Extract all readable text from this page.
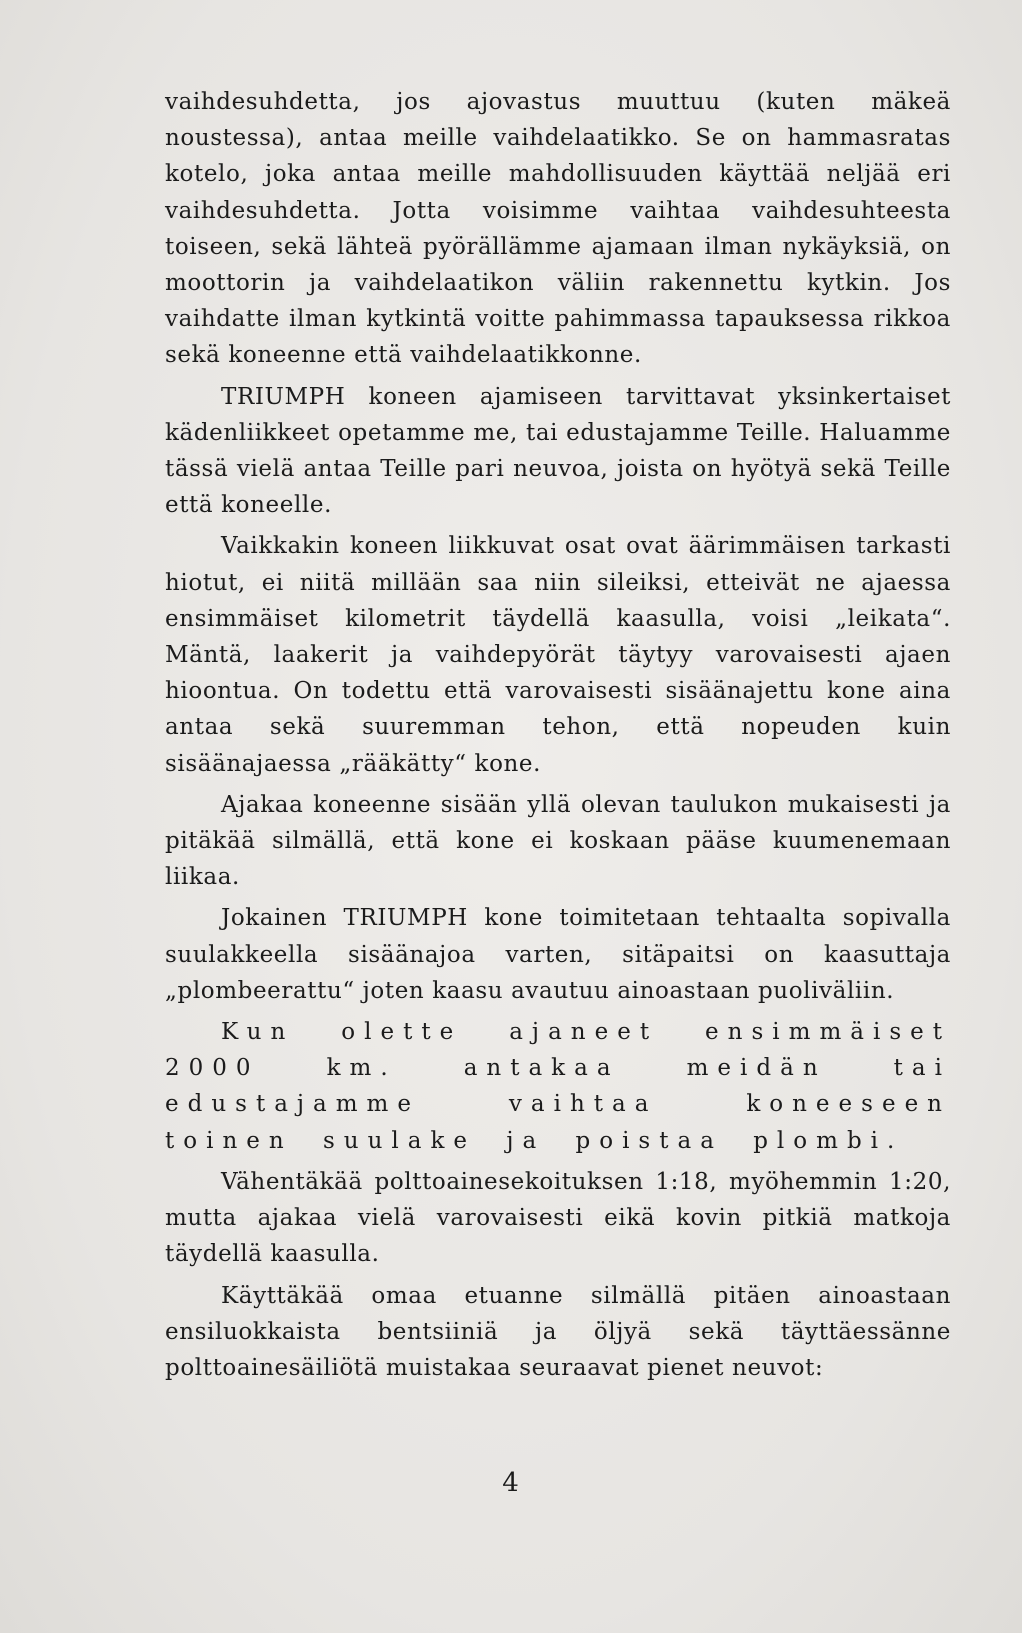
vaihdesuhdetta, jos ajovastus muuttuu (kuten mäkeä noustessa), antaa meille vaihdelaatikko. Se on hammasratas kotelo, joka antaa meille mahdollisuuden käyttää neljää eri vaihdesuhdetta. Jotta voisimme vaihtaa vaihdesuhteesta toiseen, sekä lähteä pyörällämme ajamaan ilman nykäyksiä, on moottorin ja vaihdelaatikon väliin rakennettu kytkin. Jos vaihdatte ilman kytkintä voitte pahimmassa tapauksessa rikkoa sekä koneenne että vaihdelaatikkonne.

TRIUMPH koneen ajamiseen tarvittavat yksinkertaiset kädenliikkeet opetamme me, tai edustajamme Teille. Haluamme tässä vielä antaa Teille pari neuvoa, joista on hyötyä sekä Teille että koneelle.

Vaikkakin koneen liikkuvat osat ovat äärimmäisen tarkasti hiotut, ei niitä millään saa niin sileiksi, etteivät ne ajaessa ensimmäiset kilometrit täydellä kaasulla, voisi „leikata“. Mäntä, laakerit ja vaihdepyörät täytyy varovaisesti ajaen hioontua. On todettu että varovaisesti sisäänajettu kone aina antaa sekä suuremman tehon, että nopeuden kuin sisäänajaessa „rääkätty“ kone.

Ajakaa koneenne sisään yllä olevan taulukon mukaisesti ja pitäkää silmällä, että kone ei koskaan pääse kuumenemaan liikaa.

Jokainen TRIUMPH kone toimitetaan tehtaalta sopivalla suulakkeella sisäänajoa varten, sitäpaitsi on kaasuttaja „plombeerattu“ joten kaasu avautuu ainoastaan puoliväliin.

Kun olette ajaneet ensimmäiset 2000 km. antakaa meidän tai edustajamme vaihtaa koneeseen toinen suulake ja poistaa plombi.

Vähentäkää polttoainesekoituksen 1:18, myöhemmin 1:20, mutta ajakaa vielä varovaisesti eikä kovin pitkiä matkoja täydellä kaasulla.

Käyttäkää omaa etuanne silmällä pitäen ainoastaan ensiluokkaista bentsiiniä ja öljyä sekä täyttäessänne polttoainesäiliötä muistakaa seuraavat pienet neuvot:

4
